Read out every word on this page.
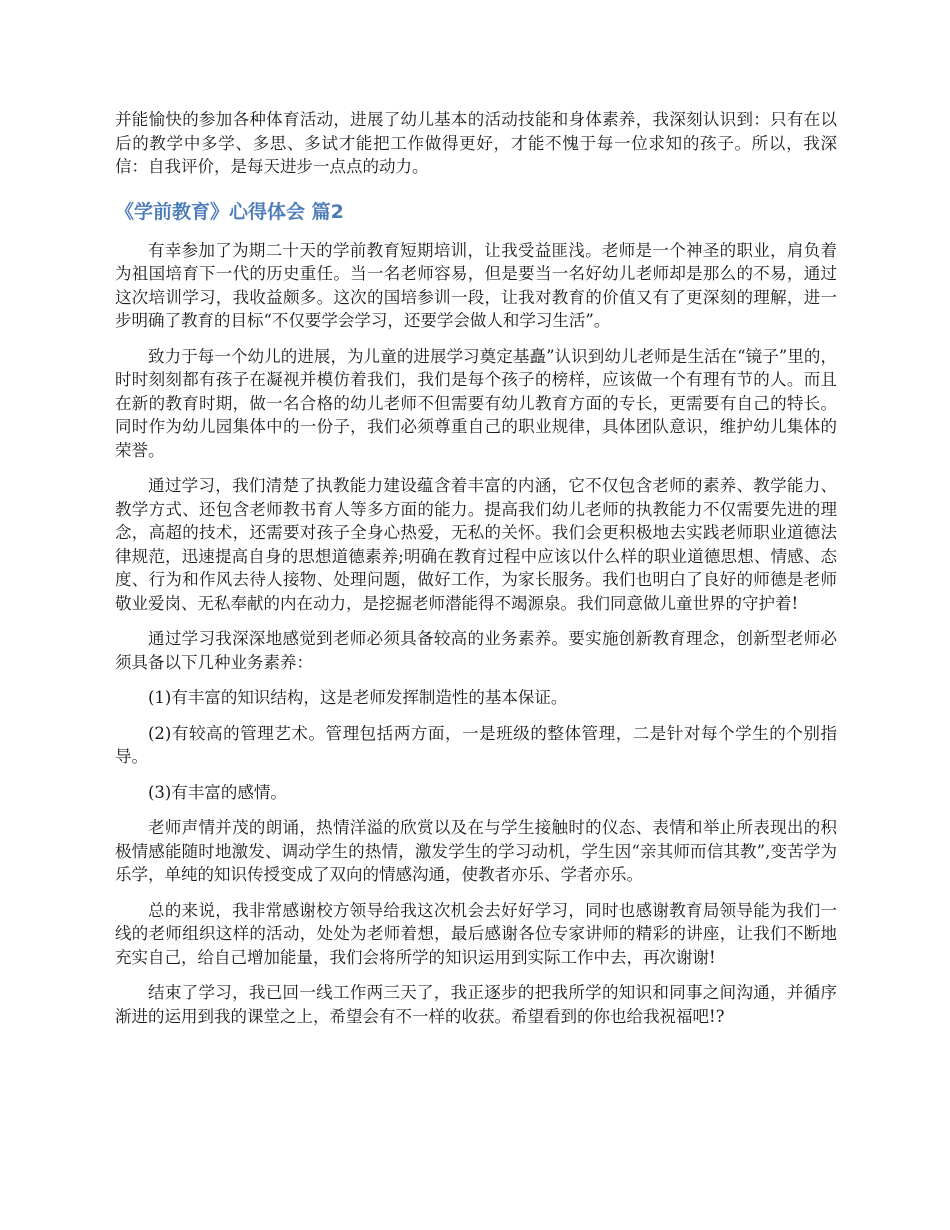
并能愉快的参加各种体育活动，进展了幼儿基本的活动技能和身体素养，我深刻认识到：只有在以后的教学中多学、多思、多试才能把工作做得更好，才能不愧于每一位求知的孩子。所以，我深信：自我评价，是每天进步一点点的动力。

《学前教育》心得体会 篇2

有幸参加了为期二十天的学前教育短期培训，让我受益匪浅。老师是一个神圣的职业，肩负着为祖国培育下一代的历史重任。当一名老师容易，但是要当一名好幼儿老师却是那么的不易，通过这次培训学习，我收益颇多。这次的国培参训一段，让我对教育的价值又有了更深刻的理解，进一步明确了教育的目标“不仅要学会学习，还要学会做人和学习生活”。

致力于每一个幼儿的进展，为儿童的进展学习奠定基矗”认识到幼儿老师是生活在“镜子”里的，时时刻刻都有孩子在凝视并模仿着我们，我们是每个孩子的榜样，应该做一个有理有节的人。而且在新的教育时期，做一名合格的幼儿老师不但需要有幼儿教育方面的专长，更需要有自己的特长。同时作为幼儿园集体中的一份子，我们必须尊重自己的职业规律，具体团队意识，维护幼儿集体的荣誉。

通过学习，我们清楚了执教能力建设蕴含着丰富的内涵，它不仅包含老师的素养、教学能力、教学方式、还包含老师教书育人等多方面的能力。提高我们幼儿老师的执教能力不仅需要先进的理念，高超的技术，还需要对孩子全身心热爱，无私的关怀。我们会更积极地去实践老师职业道德法律规范，迅速提高自身的思想道德素养;明确在教育过程中应该以什么样的职业道德思想、情感、态度、行为和作风去待人接物、处理问题，做好工作，为家长服务。我们也明白了良好的师德是老师敬业爱岗、无私奉献的内在动力，是挖掘老师潜能得不竭源泉。我们同意做儿童世界的守护着!

通过学习我深深地感觉到老师必须具备较高的业务素养。要实施创新教育理念，创新型老师必须具备以下几种业务素养：

(1)有丰富的知识结构，这是老师发挥制造性的基本保证。

(2)有较高的管理艺术。管理包括两方面，一是班级的整体管理，二是针对每个学生的个别指导。

(3)有丰富的感情。

老师声情并茂的朗诵，热情洋溢的欣赏以及在与学生接触时的仪态、表情和举止所表现出的积极情感能随时地激发、调动学生的热情，激发学生的学习动机，学生因“亲其师而信其教”,变苦学为乐学，单纯的知识传授变成了双向的情感沟通，使教者亦乐、学者亦乐。

总的来说，我非常感谢校方领导给我这次机会去好好学习，同时也感谢教育局领导能为我们一线的老师组织这样的活动，处处为老师着想，最后感谢各位专家讲师的精彩的讲座，让我们不断地充实自己，给自己增加能量，我们会将所学的知识运用到实际工作中去，再次谢谢!

结束了学习，我已回一线工作两三天了，我正逐步的把我所学的知识和同事之间沟通，并循序渐进的运用到我的课堂之上，希望会有不一样的收获。希望看到的你也给我祝福吧!?
